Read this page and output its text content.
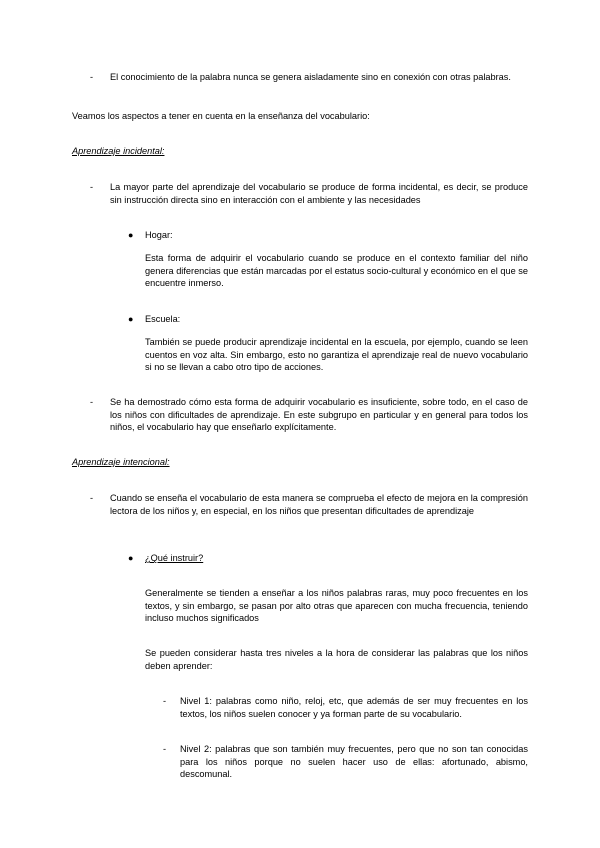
-	El conocimiento de la palabra nunca se genera aisladamente sino en conexión con otras palabras.
Veamos los aspectos a tener en cuenta en la enseñanza del vocabulario:
Aprendizaje incidental:
-	La mayor parte del aprendizaje del vocabulario se produce de forma incidental, es decir, se produce sin instrucción directa sino en interacción con el ambiente y las necesidades
● Hogar:
Esta forma de adquirir el vocabulario cuando se produce en el contexto familiar del niño genera diferencias que están marcadas por el estatus socio-cultural y económico en el que se encuentre inmerso.
● Escuela:
También se puede producir aprendizaje incidental en la escuela, por ejemplo, cuando se leen cuentos en voz alta. Sin embargo, esto no garantiza el aprendizaje real de nuevo vocabulario si no se llevan a cabo otro tipo de acciones.
-	Se ha demostrado cómo esta forma de adquirir vocabulario es insuficiente, sobre todo, en el caso de los niños con dificultades de aprendizaje. En este subgrupo en particular y en general para todos los niños, el vocabulario hay que enseñarlo explícitamente.
Aprendizaje intencional:
-	Cuando se enseña el vocabulario de esta manera se comprueba el efecto de mejora en la compresión lectora de los niños y, en especial, en los niños que presentan dificultades de aprendizaje
● ¿Qué instruir?
Generalmente se tienden a enseñar a los niños palabras raras, muy poco frecuentes en los textos, y sin embargo, se pasan por alto otras que aparecen con mucha frecuencia, teniendo incluso muchos significados
Se pueden considerar hasta tres niveles a la hora de considerar las palabras que los niños deben aprender:
-	Nivel 1: palabras como niño, reloj, etc, que además de ser muy frecuentes en los textos, los niños suelen conocer y ya forman parte de su vocabulario.
-	Nivel 2: palabras que son también muy frecuentes, pero que no son tan conocidas para los niños porque no suelen hacer uso de ellas: afortunado, abismo, descomunal.
